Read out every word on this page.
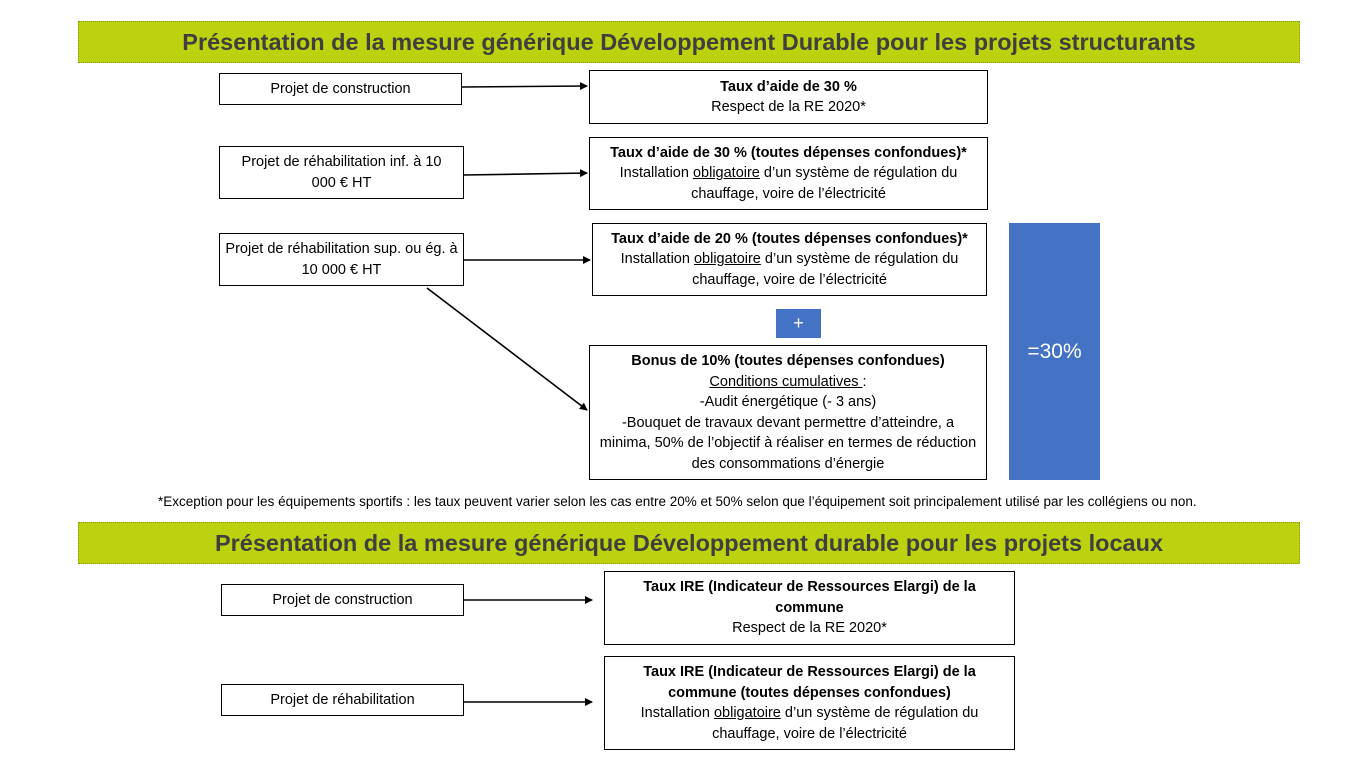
Présentation de la mesure générique Développement Durable pour les projets structurants
Projet de construction
Projet de réhabilitation inf. à 10 000 € HT
Projet de réhabilitation sup. ou ég. à 10 000 € HT
Taux d’aide de 30 %
Respect de la RE 2020*
Taux d’aide de 30 % (toutes dépenses confondues)*
Installation obligatoire d’un système de régulation du chauffage, voire de l’électricité
Taux d’aide de 20 % (toutes dépenses confondues)*
Installation obligatoire d’un système de régulation du chauffage, voire de l’électricité
+
Bonus de 10% (toutes dépenses confondues)
Conditions cumulatives :
-Audit énergétique (- 3 ans)
-Bouquet de travaux devant permettre d’atteindre, a minima, 50% de l’objectif à réaliser en termes de réduction des consommations d’énergie
=30%
*Exception pour les équipements sportifs : les taux peuvent varier selon les cas entre 20% et 50% selon que l’équipement soit principalement utilisé par les collégiens ou non.
Présentation de la mesure générique Développement durable pour les projets locaux
Projet de construction
Projet de réhabilitation
Taux IRE (Indicateur de Ressources Elargi) de la commune
Respect de la RE 2020*
Taux IRE (Indicateur de Ressources Elargi) de la commune (toutes dépenses confondues)
Installation obligatoire d’un système de régulation du chauffage, voire de l’électricité
